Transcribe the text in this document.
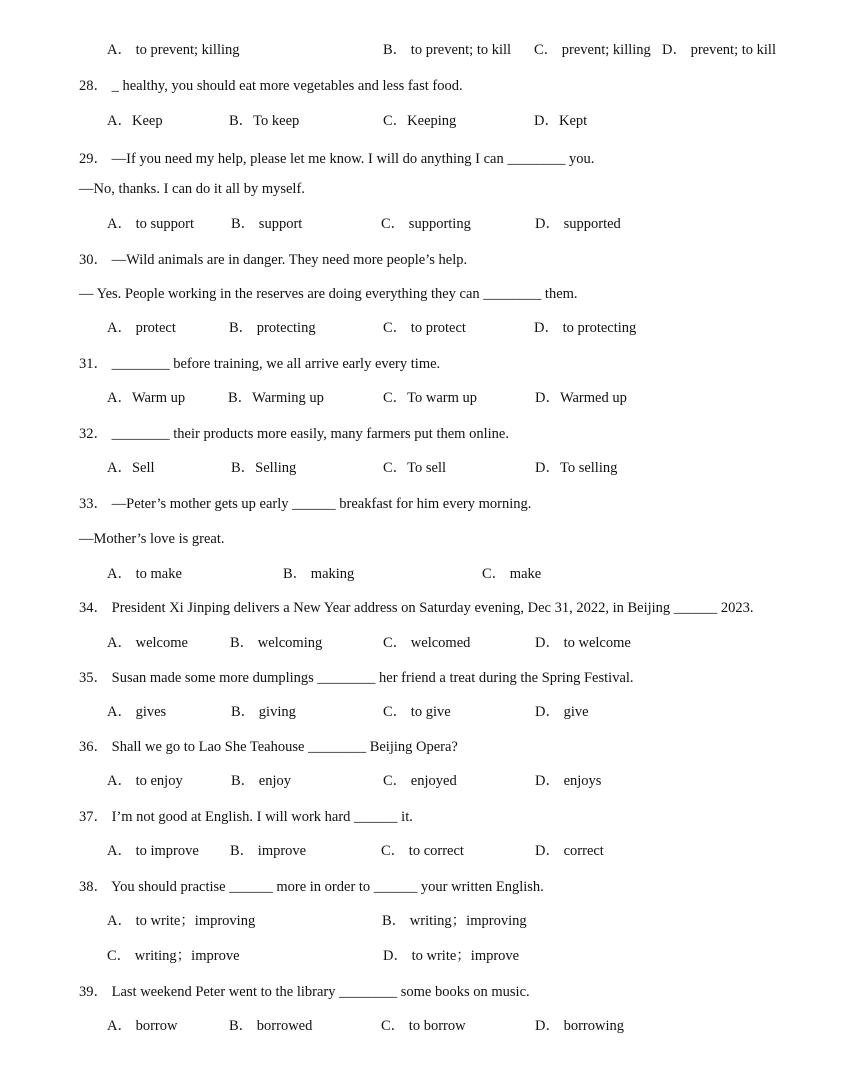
A． to prevent; killing	B． to prevent; to kill C． prevent; killing D． prevent; to kill
28． _ healthy, you should eat more vegetables and less fast food.
A．Keep	B．To keep	C．Keeping	D．Kept
29． —If you need my help, please let me know. I will do anything I can ________ you.
—No, thanks. I can do it all by myself.
A． to support	B． support	C． supporting	D． supported
30． —Wild animals are in danger. They need more people’s help.
— Yes. People working in the reserves are doing everything they can ________ them.
A． protect	B． protecting	C． to protect	D． to protecting
31． ________ before training, we all arrive early every time.
A．Warm up	B．Warming up	C．To warm up	D．Warmed up
32． ________ their products more easily, many farmers put them online.
A．Sell	B．Selling	C．To sell	D．To selling
33． —Peter’s mother gets up early ______ breakfast for him every morning.
—Mother’s love is great.
A． to make	B． making	C． make
34． President Xi Jinping delivers a New Year address on Saturday evening, Dec 31, 2022, in Beijing ______ 2023.
A． welcome	B． welcoming	C． welcomed	D． to welcome
35． Susan made some more dumplings ________ her friend a treat during the Spring Festival.
A． gives	B． giving	C． to give	D． give
36． Shall we go to Lao She Teahouse ________ Beijing Opera?
A． to enjoy	B． enjoy	C． enjoyed	D． enjoys
37． I’m not good at English. I will work hard ______ it.
A． to improve B． improve	C． to correct	D． correct
38． You should practise ______ more in order to ______ your written English.
A． to write；improving	B． writing；improving
C． writing；improve	D． to write；improve
39． Last weekend Peter went to the library ________ some books on music.
A． borrow	B． borrowed	C． to borrow	D． borrowing
